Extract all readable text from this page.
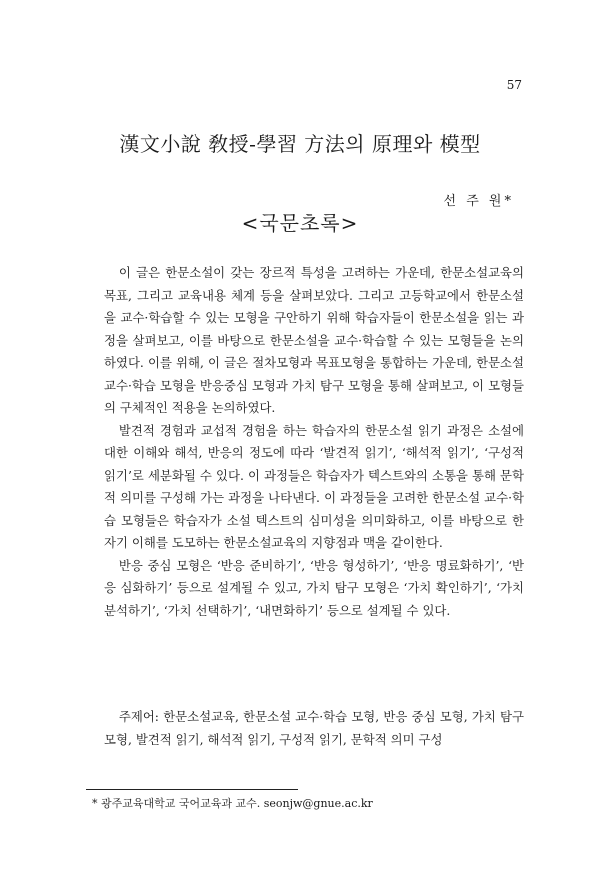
57
漢文小說 敎授-學習 方法의 原理와 模型
선 주 원*
<국문초록>

이 글은 한문소설이 갖는 장르적 특성을 고려하는 가운데, 한문소설교육의 목표, 그리고 교육내용 체계 등을 살펴보았다. 그리고 고등학교에서 한문소설을 교수·학습할 수 있는 모형을 구안하기 위해 학습자들이 한문소설을 읽는 과정을 살펴보고, 이를 바탕으로 한문소설을 교수·학습할 수 있는 모형들을 논의하였다. 이를 위해, 이 글은 절차모형과 목표모형을 통합하는 가운데, 한문소설 교수·학습 모형을 반응중심 모형과 가치 탐구 모형을 통해 살펴보고, 이 모형들의 구체적인 적용을 논의하였다.

발견적 경험과 교섭적 경험을 하는 학습자의 한문소설 읽기 과정은 소설에 대한 이해와 해석, 반응의 정도에 따라 ‘발견적 읽기’, ‘해석적 읽기’, ‘구성적 읽기’로 세분화될 수 있다. 이 과정들은 학습자가 텍스트와의 소통을 통해 문학적 의미를 구성해 가는 과정을 나타낸다. 이 과정들을 고려한 한문소설 교수·학습 모형들은 학습자가 소설 텍스트의 심미성을 의미화하고, 이를 바탕으로 한 자기 이해를 도모하는 한문소설교육의 지향점과 맥을 같이한다.

반응 중심 모형은 ‘반응 준비하기’, ‘반응 형성하기’, ‘반응 명료화하기’, ‘반응 심화하기’ 등으로 설계될 수 있고, 가치 탐구 모형은 ‘가치 확인하기’, ‘가치 분석하기’, ‘가치 선택하기’, ‘내면화하기’ 등으로 설계될 수 있다.

주제어: 한문소설교육, 한문소설 교수·학습 모형, 반응 중심 모형, 가치 탐구 모형, 발견적 읽기, 해석적 읽기, 구성적 읽기, 문학적 의미 구성

* 광주교육대학교 국어교육과 교수. seonjw@gnue.ac.kr
